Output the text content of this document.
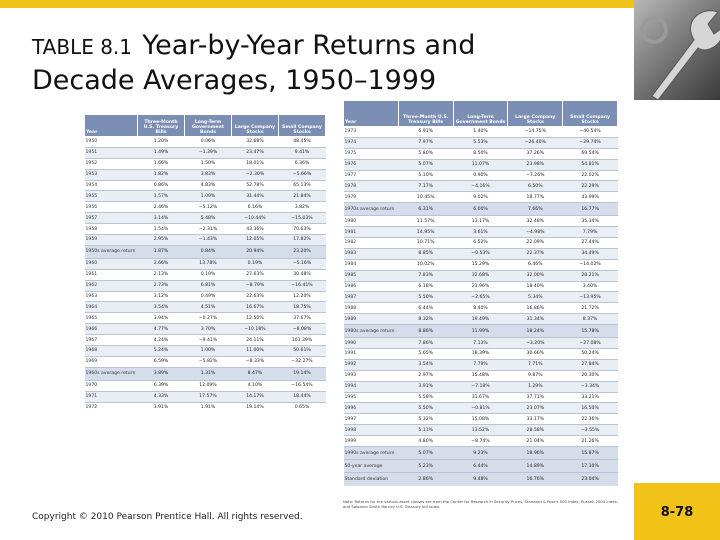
TABLE 8.1 Year-by-Year Returns and
Decade Averages, 1950–1999
Year	Three-Month U.S. Treasury Bills	Long-Term Government Bonds	Large Company Stocks	Small Company Stocks
1950	1.20%	0.06%	32.68%	48.45%
1951	1.49%	−1.39%	23.47%	9.41%
1952	1.66%	1.50%	18.01%	6.36%
1953	1.82%	3.83%	−2.30%	−5.66%
1954	0.86%	4.83%	52.78%	65.13%
1955	1.57%	1.09%	31.44%	21.84%
1956	2.46%	−5.12%	6.16%	3.82%
1957	3.14%	5.48%	−10.44%	−15.03%
1958	1.54%	−2.31%	43.36%	70.63%
1959	2.95%	−1.43%	12.05%	17.82%
1950s average return	1.87%	0.84%	20.94%	23.20%
1960	2.66%	13.78%	0.19%	−5.16%
1961	2.13%	0.19%	27.63%	30.48%
1962	2.73%	6.81%	−8.79%	−16.41%
1963	3.12%	0.49%	22.63%	12.20%
1964	3.54%	4.51%	16.67%	18.75%
1965	3.94%	−0.27%	12.50%	37.67%
1966	4.77%	3.70%	−10.18%	−8.08%
1967	4.24%	−9.41%	24.11%	103.39%
1968	5.24%	1.00%	11.00%	50.61%
1969	6.59%	−5.82%	−8.33%	−32.27%
1960s average return	3.89%	1.31%	8.47%	19.14%
1970	6.39%	12.09%	4.10%	−16.54%
1971	4.33%	17.57%	14.17%	18.44%
1972	3.91%	1.91%	19.14%	0.65%
Year	Three-Month U.S. Treasury Bills	Long-Term Government Bonds	Large Company Stocks	Small Company Stocks
1973	6.91%	1.40%	−14.75%	−40.54%
1974	7.97%	5.53%	−26.40%	−29.74%
1975	5.80%	8.50%	37.26%	69.54%
1976	5.07%	11.07%	23.98%	54.81%
1977	5.10%	0.90%	−7.26%	22.02%
1978	7.17%	−4.16%	6.50%	22.29%
1979	10.45%	9.02%	18.77%	43.99%
1970s average return	6.31%	6.00%	7.66%	16.77%
1980	11.57%	13.17%	32.48%	35.34%
1981	14.95%	3.61%	−4.98%	7.79%
1982	10.71%	6.52%	22.09%	27.44%
1983	8.85%	−0.53%	22.37%	34.49%
1984	10.02%	15.29%	6.46%	−14.02%
1985	7.83%	32.68%	32.00%	28.21%
1986	6.18%	23.96%	18.40%	3.40%
1987	5.50%	−2.65%	5.34%	−13.95%
1988	6.44%	8.40%	16.86%	21.72%
1989	8.32%	19.49%	31.34%	8.37%
1980s average return	8.86%	11.99%	18.24%	15.78%
1990	7.86%	7.13%	−3.20%	−27.08%
1991	5.65%	18.39%	30.66%	50.24%
1992	3.54%	7.79%	7.71%	27.84%
1993	2.97%	15.48%	9.87%	20.30%
1994	3.91%	−7.18%	1.29%	−3.34%
1995	5.58%	31.67%	37.71%	33.21%
1996	5.50%	−0.81%	23.07%	16.50%
1997	5.32%	15.08%	33.17%	22.36%
1998	5.11%	13.52%	28.58%	−3.55%
1999	4.80%	−8.74%	21.04%	21.26%
1990s average return	5.07%	9.23%	18.96%	15.87%
50-year average	5.23%	6.44%	14.89%	17.10%
Standard deviation	2.86%	9.48%	16.76%	23.04%
Note: Returns for the various asset classes are from the Center for Research in Security Prices, Standard & Poor's 500 index, Russell 2000 index, and Salomon Smith Barney U.S. Treasury bill index.
Copyright © 2010 Pearson Prentice Hall. All rights reserved.	8-78
